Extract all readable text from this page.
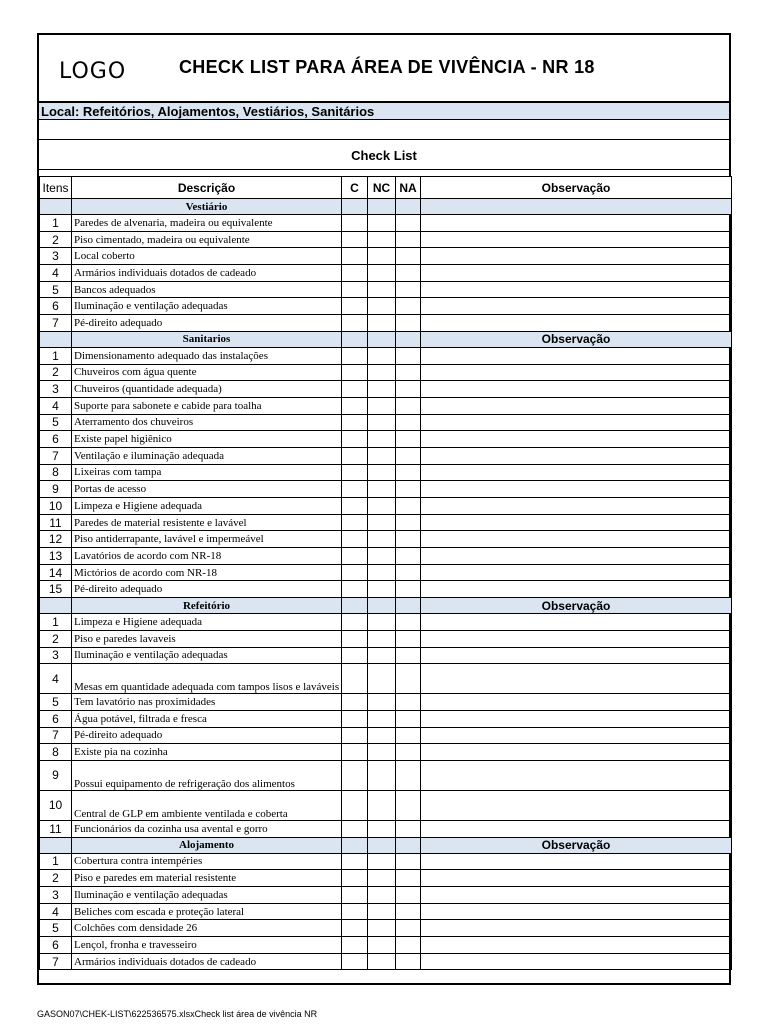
LOGO	CHECK LIST PARA ÁREA DE VIVÊNCIA - NR 18
Local: Refeitórios, Alojamentos, Vestiários, Sanitários
Check List
Itens	Descrição	C	NC	NA	Observação
	Vestiário				
1	Paredes de alvenaria, madeira ou equivalente				
2	Piso cimentado, madeira ou equivalente				
3	Local coberto				
4	Armários individuais dotados de cadeado				
5	Bancos adequados				
6	Iluminação e ventilação adequadas				
7	Pé-direito adequado				
	Sanitarios				Observação
1	Dimensionamento adequado das instalações				
2	Chuveiros com água quente				
3	Chuveiros (quantidade adequada)				
4	Suporte para sabonete e cabide para toalha				
5	Aterramento dos chuveiros				
6	Existe papel higiênico				
7	Ventilação e iluminação adequada				
8	Lixeiras com tampa				
9	Portas de acesso				
10	Limpeza e Higiene adequada				
11	Paredes de material resistente e lavável				
12	Piso antiderrapante, lavável e impermeável				
13	Lavatórios de acordo com NR-18				
14	Mictórios de acordo com NR-18				
15	Pé-direito adequado				
	Refeitório				Observação
1	Limpeza e Higiene adequada				
2	Piso e paredes lavaveis				
3	Iluminação e ventilação adequadas				
4	Mesas em quantidade adequada com tampos lisos e laváveis				
5	Tem lavatório nas proximidades				
6	Água potável, filtrada e fresca				
7	Pé-direito adequado				
8	Existe pia na cozinha				
9	Possui equipamento de refrigeração dos alimentos				
10	Central de GLP em ambiente ventilada e coberta				
11	Funcionários da cozinha usa avental e gorro				
	Alojamento				Observação
1	Cobertura contra intempéries				
2	Piso e paredes em material resistente				
3	Iluminação e ventilação adequadas				
4	Beliches com escada e proteção lateral				
5	Colchões com densidade 26				
6	Lençol, fronha e travesseiro				
7	Armários individuais dotados de cadeado				
GASON07\CHEK-LIST\622536575.xlsxCheck list área de vivência NR
